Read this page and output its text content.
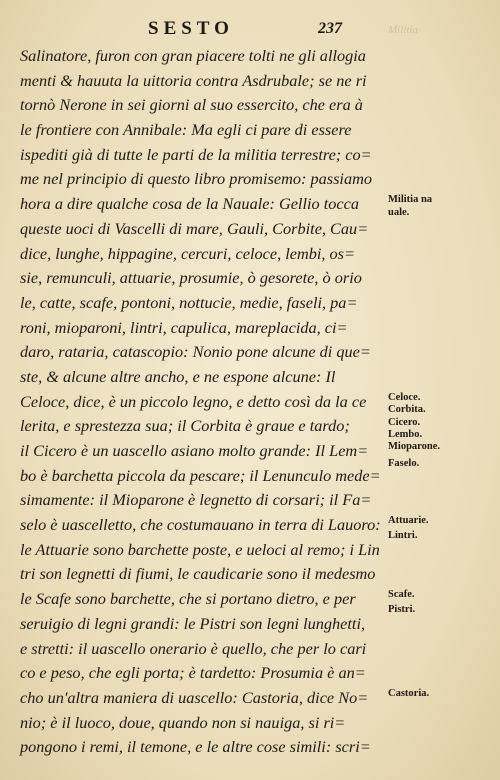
SESTO	237	Militia
Salinatore, furon con gran piacere tolti ne gli allogia
menti & hauuta la uittoria contra Asdrubale; se ne ri
tornò Nerone in sei giorni al suo essercito, che era à
le frontiere con Annibale: Ma egli ci pare di essere
ispediti già di tutte le parti de la militia terrestre; co=
me nel principio di questo libro promisemo: passiamo
hora a dire qualche cosa de la Nauale: Gellio tocca
queste uoci di Vascelli di mare, Gauli, Corbite, Cau=
dice, lunghe, hippagine, cercuri, celoce, lembi, os=
sie, remunculi, attuarie, prosumie, ò gesorete, ò orio
le, catte, scafe, pontoni, nottucie, medie, faseli, pa=
roni, mioparoni, lintri, capulica, mareplacida, ci=
daro, rataria, catascopio: Nonio pone alcune di que=
ste, & alcune altre ancho, e ne espone alcune: Il
Celoce, dice, è un piccolo legno, e detto così da la ce
lerita, e sprestezza sua; il Corbita è graue e tardo;
il Cicero è un uascello asiano molto grande: Il Lem=
bo è barchetta piccola da pescare; il Lenunculo mede=
simamente: il Mioparone è legnetto di corsari; il Fa=
selo è uascelletto, che costumauano in terra di Lauoro:
le Attuarie sono barchette poste, e ueloci al remo; i Lin
tri son legnetti di fiumi, le caudicarie sono il medesmo
le Scafe sono barchette, che si portano dietro, e per
seruigio di legni grandi: le Pistri son legni lunghetti,
e stretti: il uascello onerario è quello, che per lo cari
co e peso, che egli porta; è tardetto: Prosumia è an=
cho un'altra maniera di uascello: Castoria, dice No=
nio; è il luoco, doue, quando non si nauiga, si ri=
pongono i remi, il temone, e le altre cose simili: scri=
Militia na
uale.
Celoce.
Corbita.
Cicero.
Lembo.
Mioparone.
Faselo.
Attuarie.
Lintri.
Scafe.
Pistri.
Castoria.
